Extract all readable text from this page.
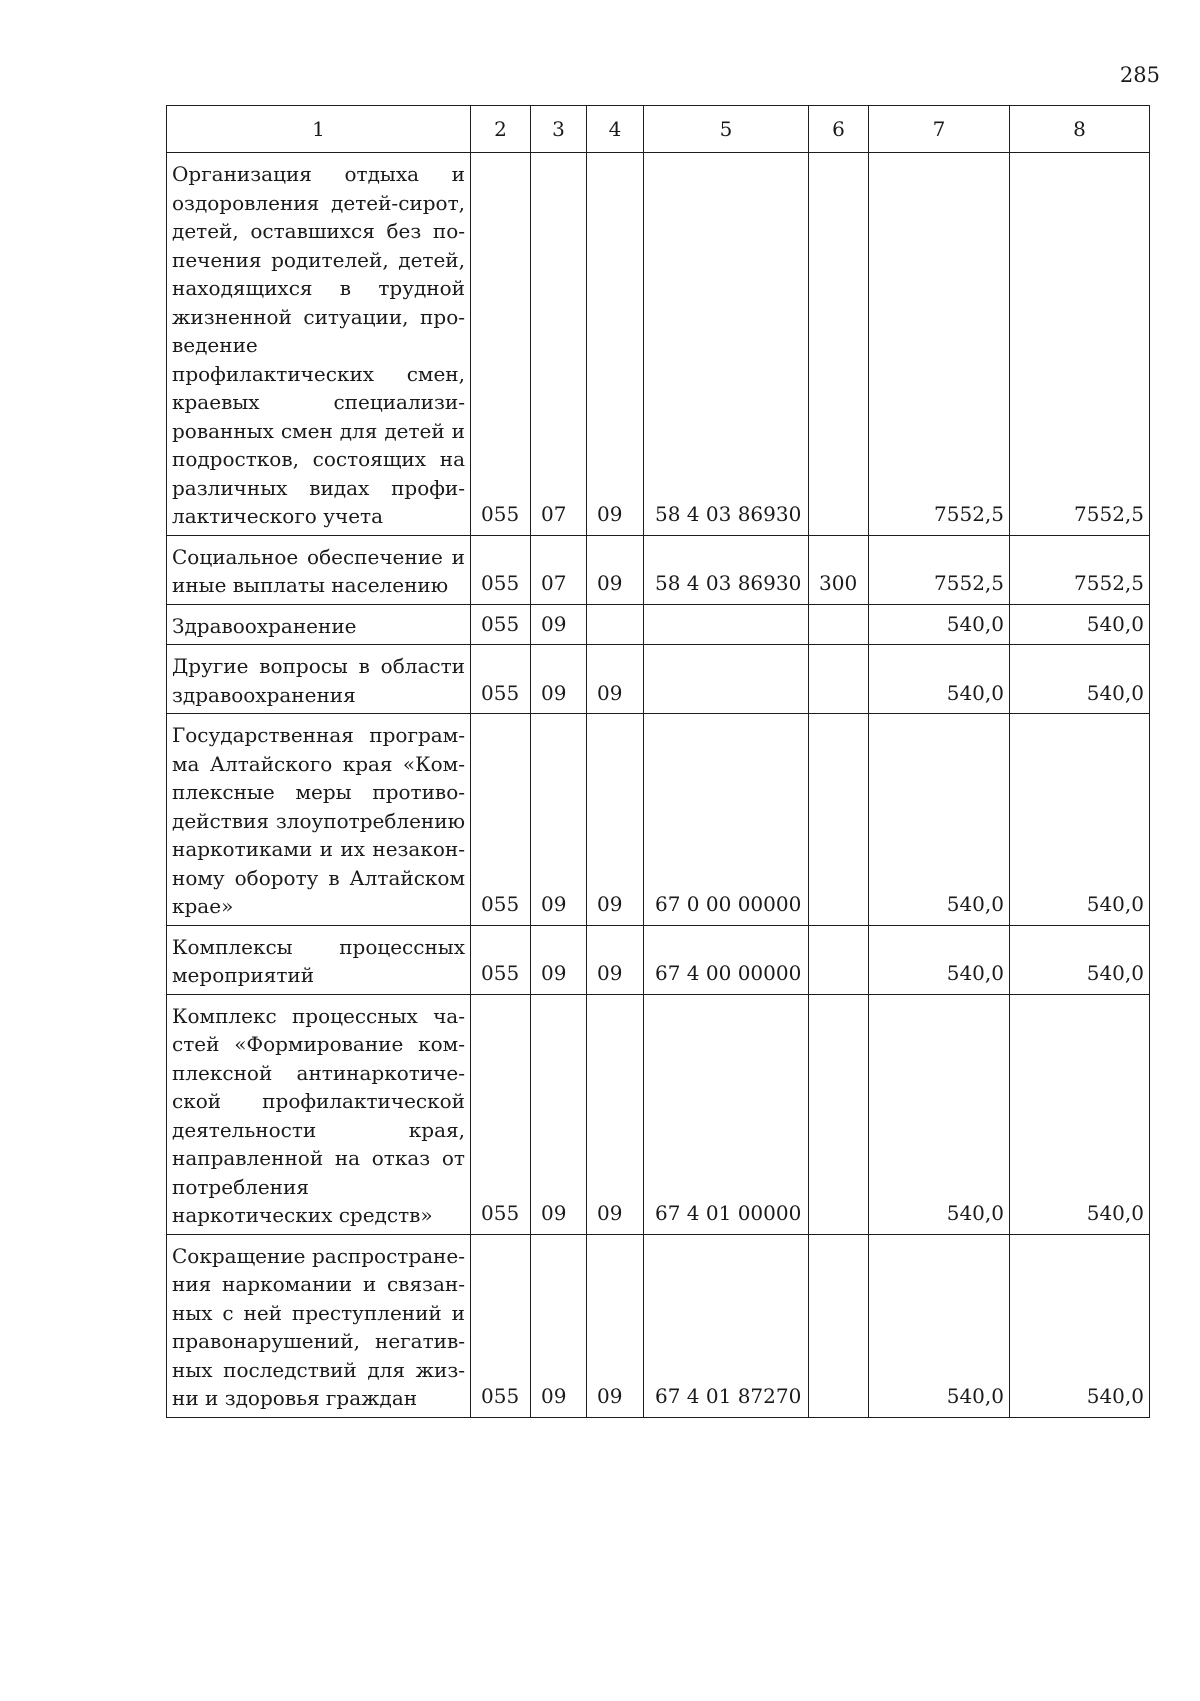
285
1	2	3	4	5	6	7	8
Организация отдыха и оздоровления детей-сирот, детей, оставшихся без попечения родителей, детей, находящихся в трудной жизненной ситуации, проведение профилактических смен, краевых специализированных смен для детей и подростков, состоящих на различных видах профилактического учета	055	07	09	58 4 03 86930		7552,5	7552,5
Социальное обеспечение и иные выплаты населению	055	07	09	58 4 03 86930	300	7552,5	7552,5
Здравоохранение	055	09				540,0	540,0
Другие вопросы в области здравоохранения	055	09	09			540,0	540,0
Государственная программа Алтайского края «Комплексные меры противодействия злоупотреблению наркотиками и их незаконному обороту в Алтайском крае»	055	09	09	67 0 00 00000		540,0	540,0
Комплексы процессных мероприятий	055	09	09	67 4 00 00000		540,0	540,0
Комплекс процессных частей «Формирование комплексной антинаркотической профилактической деятельности края, направленной на отказ от потребления наркотических средств»	055	09	09	67 4 01 00000		540,0	540,0
Сокращение распространения наркомании и связанных с ней преступлений и правонарушений, негативных последствий для жизни и здоровья граждан	055	09	09	67 4 01 87270		540,0	540,0
